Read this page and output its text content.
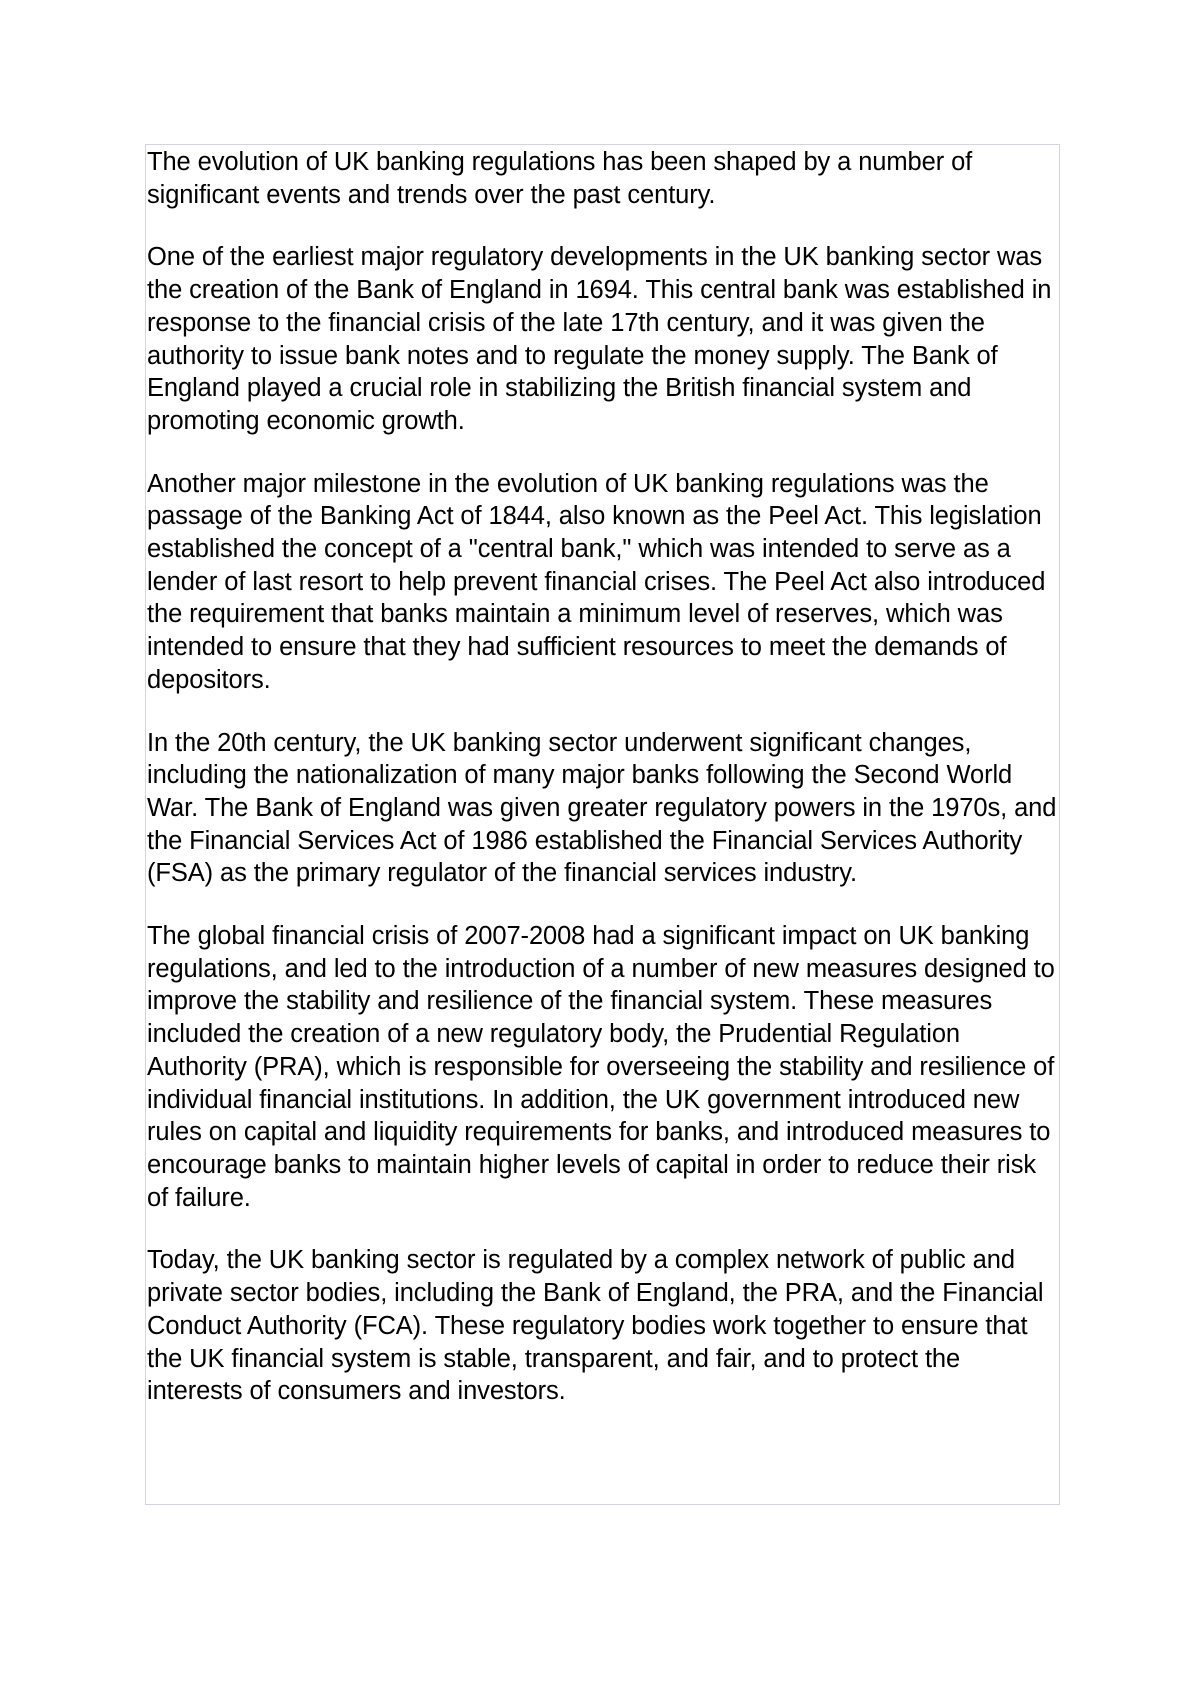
The evolution of UK banking regulations has been shaped by a number of significant events and trends over the past century.

One of the earliest major regulatory developments in the UK banking sector was the creation of the Bank of England in 1694. This central bank was established in response to the financial crisis of the late 17th century, and it was given the authority to issue bank notes and to regulate the money supply. The Bank of England played a crucial role in stabilizing the British financial system and promoting economic growth.

Another major milestone in the evolution of UK banking regulations was the passage of the Banking Act of 1844, also known as the Peel Act. This legislation established the concept of a "central bank," which was intended to serve as a lender of last resort to help prevent financial crises. The Peel Act also introduced the requirement that banks maintain a minimum level of reserves, which was intended to ensure that they had sufficient resources to meet the demands of depositors.

In the 20th century, the UK banking sector underwent significant changes, including the nationalization of many major banks following the Second World War. The Bank of England was given greater regulatory powers in the 1970s, and the Financial Services Act of 1986 established the Financial Services Authority (FSA) as the primary regulator of the financial services industry.

The global financial crisis of 2007-2008 had a significant impact on UK banking regulations, and led to the introduction of a number of new measures designed to improve the stability and resilience of the financial system. These measures included the creation of a new regulatory body, the Prudential Regulation Authority (PRA), which is responsible for overseeing the stability and resilience of individual financial institutions. In addition, the UK government introduced new rules on capital and liquidity requirements for banks, and introduced measures to encourage banks to maintain higher levels of capital in order to reduce their risk of failure.

Today, the UK banking sector is regulated by a complex network of public and private sector bodies, including the Bank of England, the PRA, and the Financial Conduct Authority (FCA). These regulatory bodies work together to ensure that the UK financial system is stable, transparent, and fair, and to protect the interests of consumers and investors.
